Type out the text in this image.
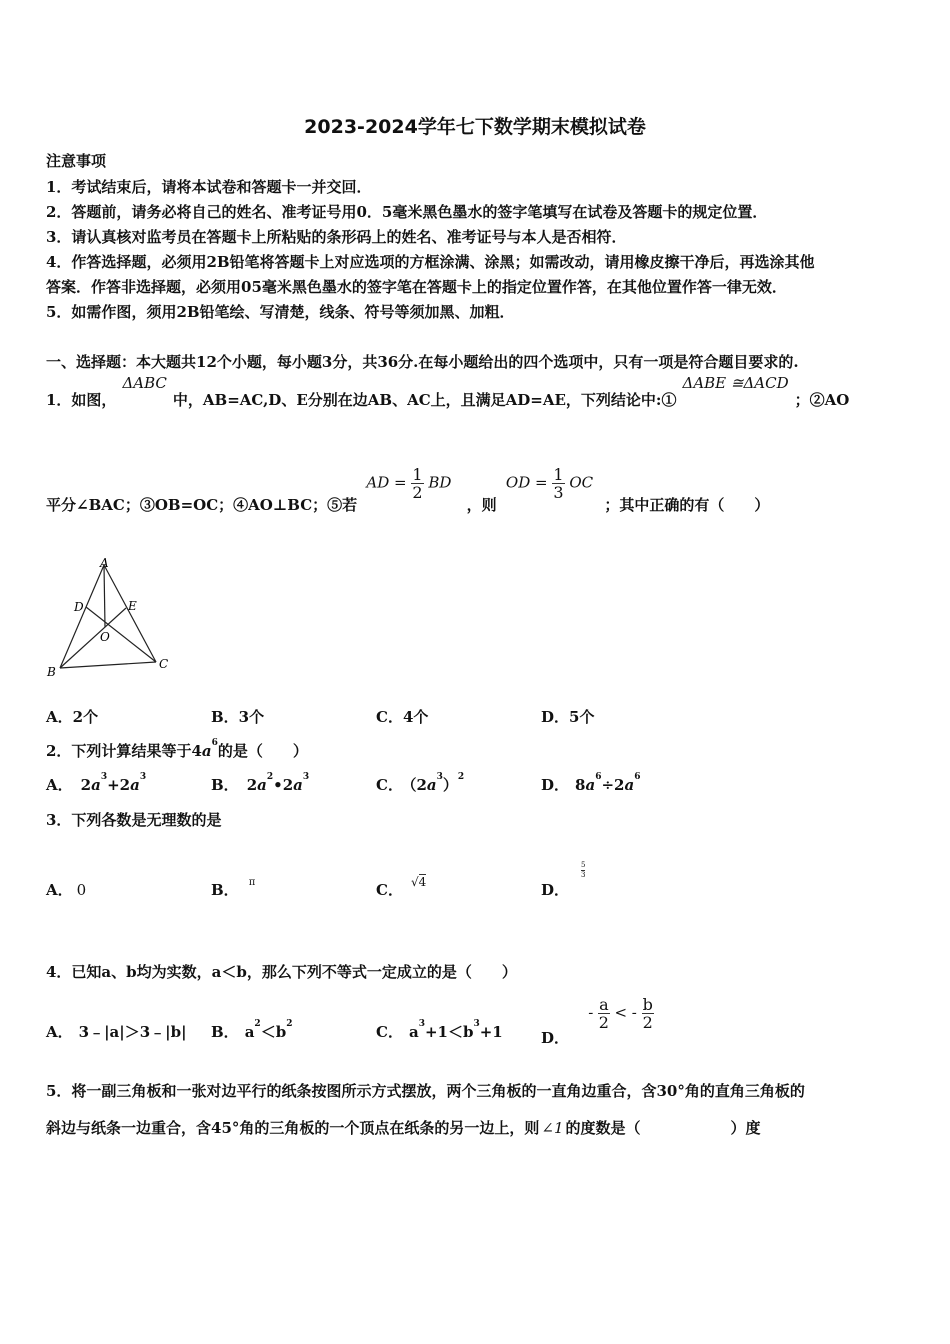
2023-2024学年七下数学期末模拟试卷
注意事项
1．考试结束后，请将本试卷和答题卡一并交回．
2．答题前，请务必将自己的姓名、准考证号用0．5毫米黑色墨水的签字笔填写在试卷及答题卡的规定位置．
3．请认真核对监考员在答题卡上所粘贴的条形码上的姓名、准考证号与本人是否相符．
4．作答选择题，必须用2B铅笔将答题卡上对应选项的方框涂满、涂黑；如需改动，请用橡皮擦干净后，再选涂其他
答案．作答非选择题，必须用05毫米黑色墨水的签字笔在答题卡上的指定位置作答，在其他位置作答一律无效．
5．如需作图，须用2B铅笔绘、写清楚，线条、符号等须加黑、加粗．
一、选择题：本大题共12个小题，每小题3分，共36分.在每小题给出的四个选项中，只有一项是符合题目要求的.
1．如图，ΔABC中，AB=AC,D、E分别在边AB、AC上，且满足AD=AE，下列结论中:①ΔABE ≅ΔACD；②AO
平分∠BAC；③OB=OC；④AO⊥BC；⑤若 AD = $\frac{1}{2}$ BD ，则 OD = $\frac{1}{3}$ OC ；其中正确的有（　　）
A
D	E
O
B
C
A．2个	B．3个	C．4个	D．5个
2．下列计算结果等于$4a^6$的是（　　）
A． $2a^3+2a^3$	B． $2a^2•2a^3$	C． $(2a^3)^2$	D． $8a^6\div 2a^6$
3．下列各数是无理数的是
A． 0	B． $^\pi$	C． $^{√4}$	D．
$\frac{5}{3}$
4．已知a、b均为实数，a＜b，那么下列不等式一定成立的是（　　）
A． 3﹣|a|＞3﹣|b| B． $a^2<b^2$	C． $a^3+1<b^3+1$	D． - $\frac{a}{2}$ < - $\frac{b}{2}$
5．将一副三角板和一张对边平行的纸条按图所示方式摆放，两个三角板的一直角边重合，含30°角的直角三角板的
斜边与纸条一边重合，含45°角的三角板的一个顶点在纸条的另一边上，则 ∠1 的度数是（　　　　　　）度
